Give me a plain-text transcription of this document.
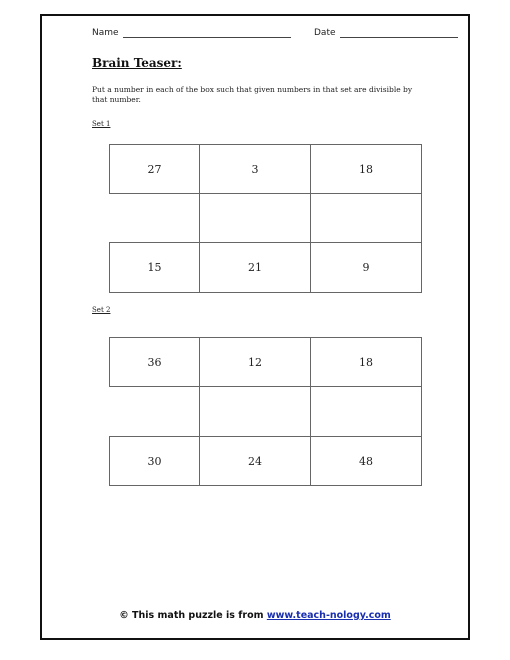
Name	Date
Brain Teaser:
Put a number in each of the box such that given numbers in that set are divisible by that number.
Set 1
27	3	18
15	21	9
Set 2
36	12	18
30	24	48
© This math puzzle is from www.teach-nology.com
